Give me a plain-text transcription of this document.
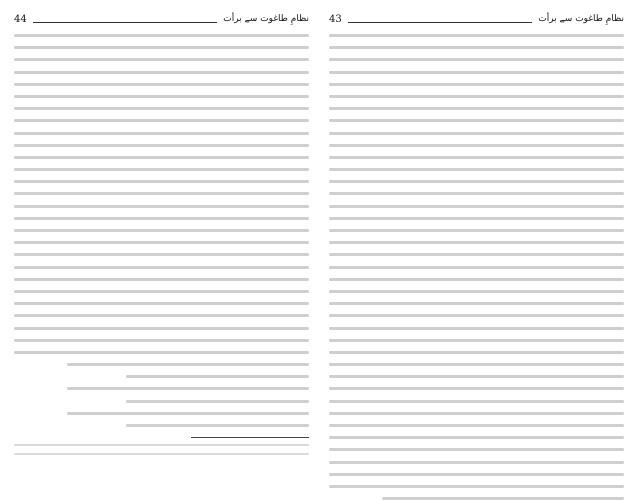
نظامِ طاغوت سے برأت
44	نظامِ طاغوت سے برأت
43
